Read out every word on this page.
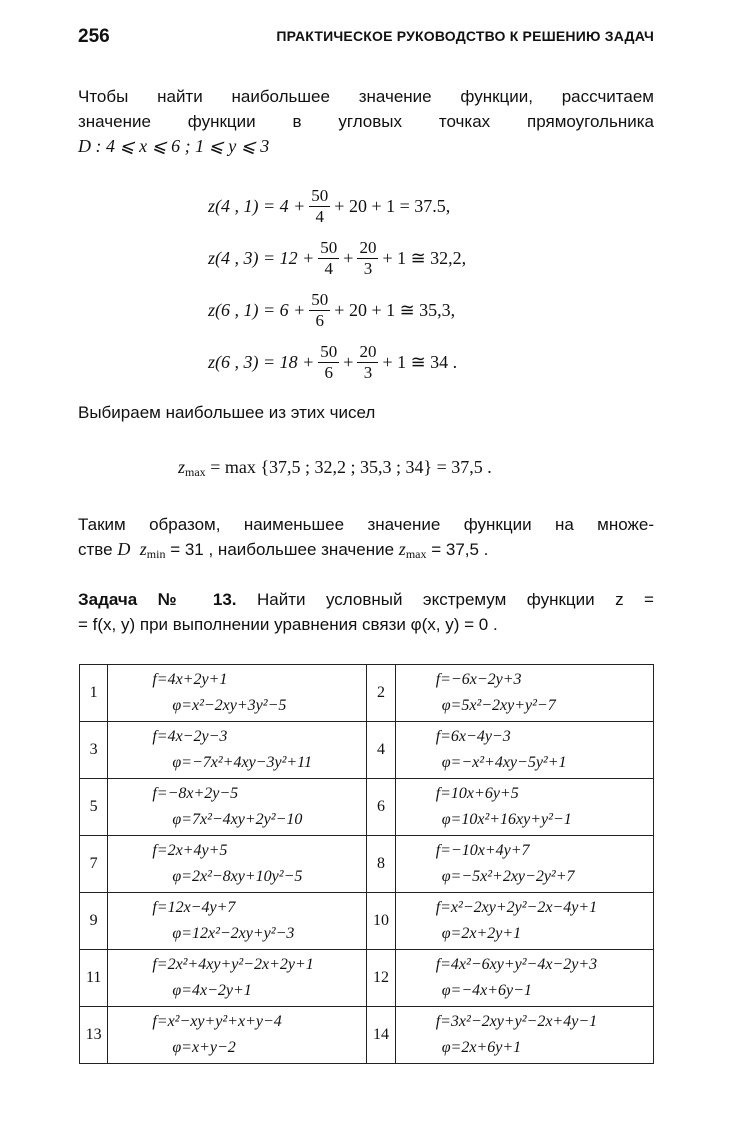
256	ПРАКТИЧЕСКОЕ РУКОВОДСТВО К РЕШЕНИЮ ЗАДАЧ
Чтобы найти наибольшее значение функции, рассчитаем
значение функции в угловых точках прямоугольника
D : 4 ⩽ x ⩽ 6 ; 1 ⩽ y ⩽ 3
z(4 , $1) = 4 + \frac{50}{4} + 20 + 1 = 37.5$,
z(4 , $3) = 12 + \frac{50}{4} + \frac{20}{3} + 1$ ≅ 32,2,
z(6 , $1) = 6 + \frac{50}{6} + 20 + 1$ ≅ 35,3,
z(6 , $3) = 18 + \frac{50}{6} + \frac{20}{3} + 1$ ≅ 34 .
Выбираем наибольшее из этих чисел
$z_{max} = \max \{37,5$ ; 32,2 ; 35,3 ; 34} = 37,5 .
Таким образом, наименьшее значение функции на множе-
стве D $z_{min} = 31$ , наибольшее значение $z_{max} = 37,5$ .
Задача № 13. Найти условный экстремум функции z =
= f(x, y) при выполнении уравнения связи φ(x, y) = 0 .
1	f=4x+2y+1
φ=x²−2xy+3y²−5	2	f=−6x−2y+3
φ=5x²−2xy+y²−7

3	f=4x−2y−3
φ=−7x²+4xy−3y²+11	4	f=6x−4y−3
φ=−x²+4xy−5y²+1

5	f=−8x+2y−5
φ=7x²−4xy+2y²−10	6	f=10x+6y+5
φ=10x²+16xy+y²−1

7	f=2x+4y+5
φ=2x²−8xy+10y²−5	8	f=−10x+4y+7
φ=−5x²+2xy−2y²+7

9	f=12x−4y+7
φ=12x²−2xy+y²−3	10	f=x²−2xy+2y²−2x−4y+1
φ=2x+2y+1

11	f=2x²+4xy+y²−2x+2y+1
φ=4x−2y+1	12	f=4x²−6xy+y²−4x−2y+3
φ=−4x+6y−1

13	f=x²−xy+y²+x+y−4
φ=x+y−2	14	f=3x²−2xy+y²−2x+4y−1
φ=2x+6y+1
